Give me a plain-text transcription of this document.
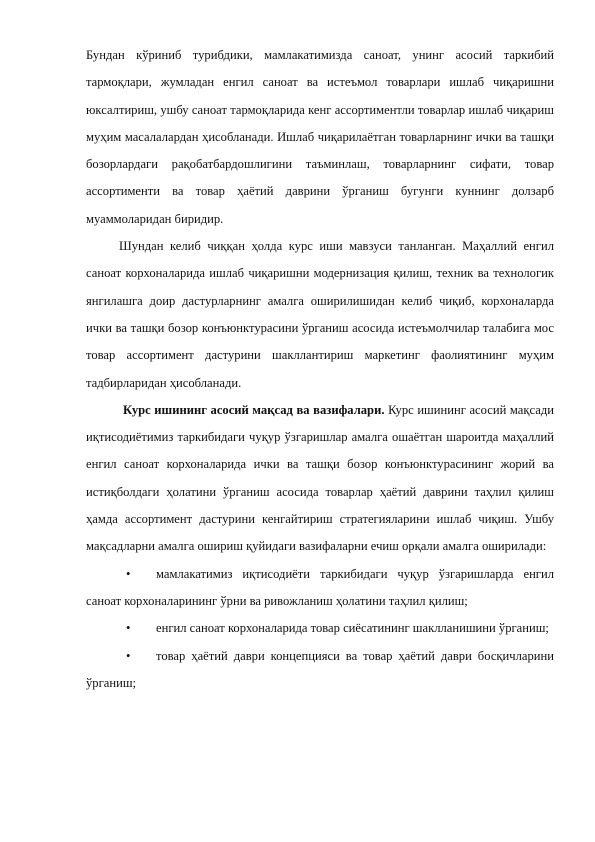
Бундан кўриниб турибдики, мамлакатимизда саноат, унинг асосий таркибий тармоқлари, жумладан енгил саноат ва истеъмол товарлари ишлаб чиқаришни юксалтириш, ушбу саноат тармоқларида кенг ассортиментли товарлар ишлаб чиқариш муҳим масалалардан ҳисобланади. Ишлаб чиқарилаётган товарларнинг ички ва ташқи бозорлардаги рақобатбардошлигини таъминлаш, товарларнинг сифати, товар ассортименти ва товар ҳаётий даврини ўрганиш бугунги куннинг долзарб муаммоларидан биридир.

Шундан келиб чиққан ҳолда курс иши мавзуси танланган. Маҳаллий енгил саноат корхоналарида ишлаб чиқаришни модернизация қилиш, техник ва технологик янгилашга доир дастурларнинг амалга оширилишидан келиб чиқиб, корхоналарда ички ва ташқи бозор конъюнктурасини ўрганиш асосида истеъмолчилар талабига мос товар ассортимент дастурини шакллантириш маркетинг фаолиятининг муҳим тадбирларидан ҳисобланади.

Курс ишининг асосий мақсад ва вазифалари. Курс ишининг асосий мақсади иқтисодиётимиз таркибидаги чуқур ўзгаришлар амалга ошаётган шароитда маҳаллий енгил саноат корхоналарида ички ва ташқи бозор конъюнктурасининг жорий ва истиқболдаги ҳолатини ўрганиш асосида товарлар ҳаётий даврини таҳлил қилиш ҳамда ассортимент дастурини кенгайтириш стратегияларини ишлаб чиқиш. Ушбу мақсадларни амалга ошириш қуйидаги вазифаларни ечиш орқали амалга оширилади:

• мамлакатимиз иқтисодиёти таркибидаги чуқур ўзгаришларда енгил саноат корхоналарининг ўрни ва ривожланиш ҳолатини таҳлил қилиш;

• енгил саноат корхоналарида товар сиёсатининг шаклланишини ўрганиш;

• товар ҳаётий даври концепцияси ва товар ҳаётий даври босқичларини ўрганиш;
